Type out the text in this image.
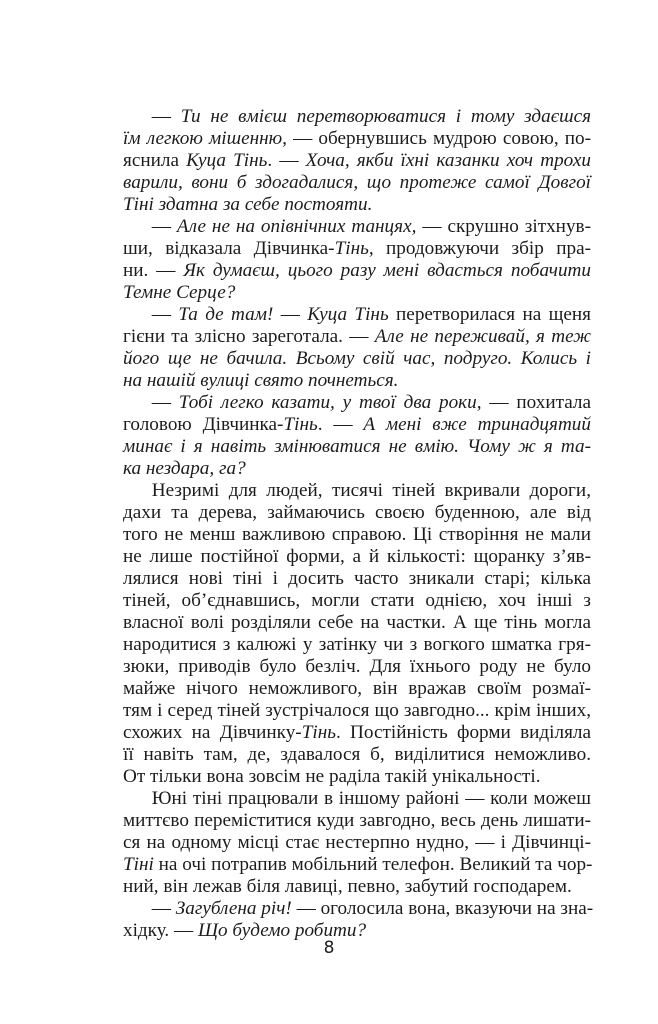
  — Ти не вмієш перетворюватися і тому здаєшся
їм легкою мішенню, — обернувшись мудрою совою, по-
яснила Куца Тінь. — Хоча, якби їхні казанки хоч трохи
варили, вони б здогадалися, що протеже самої Довгої
Тіні здатна за себе постояти.

  — Але не на опівнічних танцях, — скрушно зітхнув-
ши, відказала Дівчинка-Тінь, продовжуючи збір пра-
ни. — Як думаєш, цього разу мені вдасться побачити
Темне Серце?

  — Та де там! — Куца Тінь перетворилася на щеня
гієни та злісно зареготала. — Але не переживай, я теж
його ще не бачила. Всьому свій час, подруго. Колись і
на нашій вулиці свято почнеться.

  — Тобі легко казати, у твої два роки, — похитала
головою Дівчинка-Тінь. — А мені вже тринадцятий
минає і я навіть змінюватися не вмію. Чому ж я та-
ка нездара, га?

  Незримі для людей, тисячі тіней вкривали дороги,
дахи та дерева, займаючись своєю буденною, але від
того не менш важливою справою. Ці створіння не мали
не лише постійної форми, а й кількості: щоранку з’яв-
лялися нові тіні і досить часто зникали старі; кілька
тіней, об’єднавшись, могли стати однією, хоч інші з
власної волі розділяли себе на частки. А ще тінь могла
народитися з калюжі у затінку чи з вогкого шматка гря-
зюки, приводів було безліч. Для їхнього роду не було
майже нічого неможливого, він вражав своїм розмаї-
тям і серед тіней зустрічалося що завгодно... крім інших,
схожих на Дівчинку-Тінь. Постійність форми виділяла
її навіть там, де, здавалося б, виділитися неможливо.
От тільки вона зовсім не раділа такій унікальності.

  Юні тіні працювали в іншому районі — коли можеш
миттєво переміститися куди завгодно, весь день лишати-
ся на одному місці стає нестерпно нудно, — і Дівчинці-
Тіні на очі потрапив мобільний телефон. Великий та чор-
ний, він лежав біля лавиці, певно, забутий господарем.

  — Загублена річ! — оголосила вона, вказуючи на зна-
хідку. — Що будемо робити?

8
